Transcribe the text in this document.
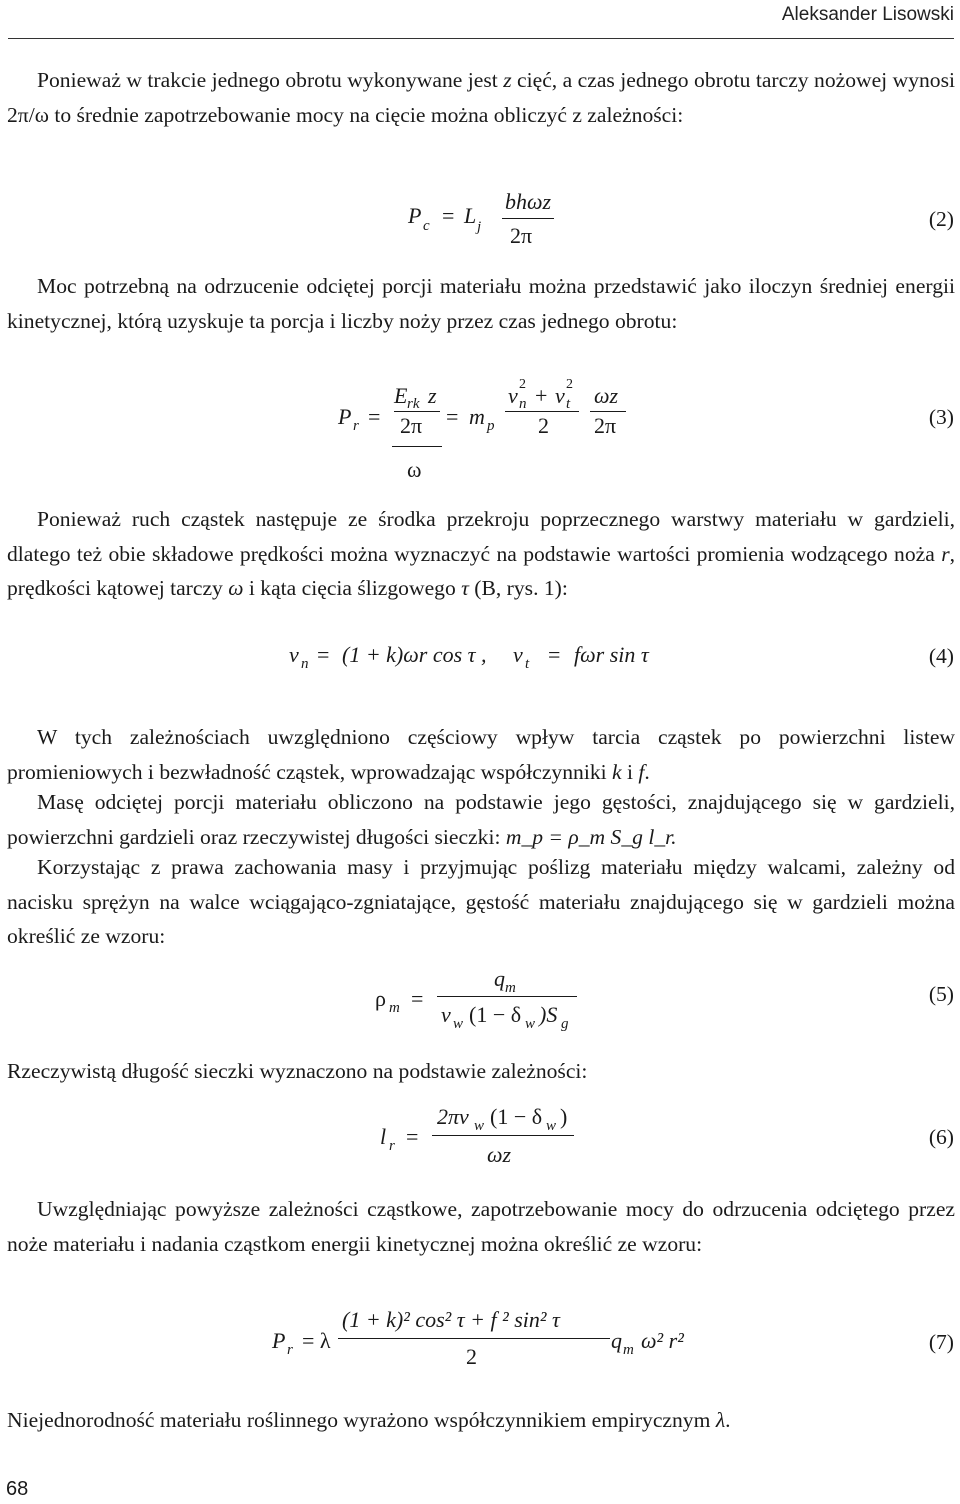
Aleksander Lisowski

Ponieważ w trakcie jednego obrotu wykonywane jest z cięć, a czas jednego obrotu tarczy nożowej wynosi 2π/ω to średnie zapotrzebowanie mocy na cięcie można obliczyć z zależności:

P c = L j
bhωz
2π
(2)

Moc potrzebną na odrzucenie odciętej porcji materiału można przedstawić jako iloczyn średniej energii kinetycznej, którą uzyskuje ta porcja i liczby noży przez czas jednego obrotu:

P r =
E rk z
2π
ω
= m p
v 2
n + v 2
t
2
ωz
2π	(3)

Ponieważ ruch cząstek następuje ze środka przekroju poprzecznego warstwy materiału w gardzieli, dlatego też obie składowe prędkości można wyznaczyć na podstawie wartości promienia wodzącego noża r, prędkości kątowej tarczy ω i kąta cięcia ślizgowego τ (B, rys. 1):

v n = (1 + k)ωr cos τ , v t = fωr sin τ	(4)

W tych zależnościach uwzględniono częściowy wpływ tarcia cząstek po powierzchni listew promieniowych i bezwładność cząstek, wprowadzając współczynniki k i f.

Masę odciętej porcji materiału obliczono na podstawie jego gęstości, znajdującego się w gardzieli, powierzchni gardzieli oraz rzeczywistej długości sieczki: m_p = ρ_m S_g l_r.

Korzystając z prawa zachowania masy i przyjmując poślizg materiału między walcami, zależny od nacisku sprężyn na walce wciągająco-zgniatające, gęstość materiału znajdującego się w gardzieli można określić ze wzoru:

ρ m =
q m
v w (1 − δ w )S g
(5)

Rzeczywistą długość sieczki wyznaczono na podstawie zależności:

l r =
2πv w (1 − δ w )
ωz
(6)

Uwzględniając powyższe zależności cząstkowe, zapotrzebowanie mocy do odrzucenia odciętego przez noże materiału i nadania cząstkom energii kinetycznej można określić ze wzoru:

P r = λ
(1 + k)² cos² τ + f ² sin² τ
2
q m ω² r²	(7)

Niejednorodność materiału roślinnego wyrażono współczynnikiem empirycznym λ.

68
